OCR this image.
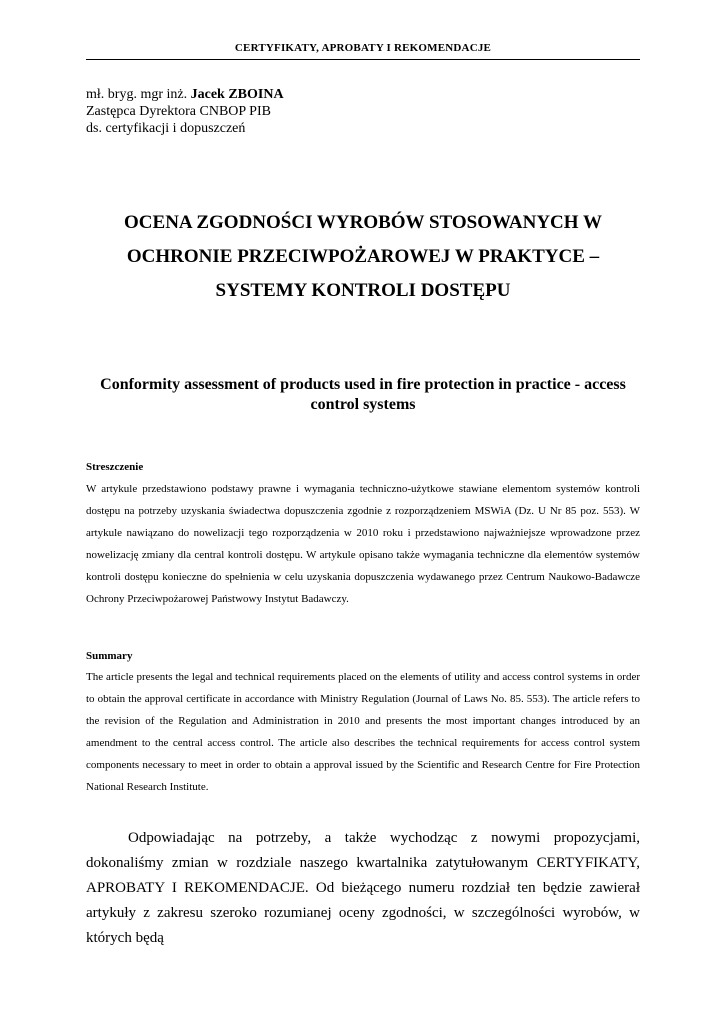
CERTYFIKATY, APROBATY I REKOMENDACJE
mł. bryg. mgr inż. Jacek ZBOINA
Zastępca Dyrektora CNBOP PIB
ds. certyfikacji i dopuszczeń
OCENA ZGODNOŚCI WYROBÓW STOSOWANYCH W
OCHRONIE PRZECIWPOŻAROWEJ W PRAKTYCE –
SYSTEMY KONTROLI DOSTĘPU
Conformity assessment of products used in fire protection in practice - access control systems
Streszczenie
W artykule przedstawiono podstawy prawne i wymagania techniczno-użytkowe stawiane elementom systemów kontroli dostępu na potrzeby uzyskania świadectwa dopuszczenia zgodnie z rozporządzeniem MSWiA (Dz. U Nr 85 poz. 553). W artykule nawiązano do nowelizacji tego rozporządzenia w 2010 roku i przedstawiono najważniejsze wprowadzone przez nowelizację zmiany dla central kontroli dostępu. W artykule opisano także wymagania techniczne dla elementów systemów kontroli dostępu konieczne do spełnienia w celu uzyskania dopuszczenia wydawanego przez Centrum Naukowo-Badawcze Ochrony Przeciwpożarowej Państwowy Instytut Badawczy.
Summary
The article presents the legal and technical requirements placed on the elements of utility and access control systems in order to obtain the approval certificate in accordance with Ministry Regulation (Journal of Laws No. 85. 553). The article refers to the revision of the Regulation and Administration in 2010 and presents the most important changes introduced by an amendment to the central access control. The article also describes the technical requirements for access control system components necessary to meet in order to obtain a approval issued by the Scientific and Research Centre for Fire Protection National Research Institute.

Odpowiadając na potrzeby, a także wychodząc z nowymi propozycjami, dokonaliśmy zmian w rozdziale naszego kwartalnika zatytułowanym CERTYFIKATY, APROBATY I REKOMENDACJE. Od bieżącego numeru rozdział ten będzie zawierał artykuły z zakresu szeroko rozumianej oceny zgodności, w szczególności wyrobów, w których będą
